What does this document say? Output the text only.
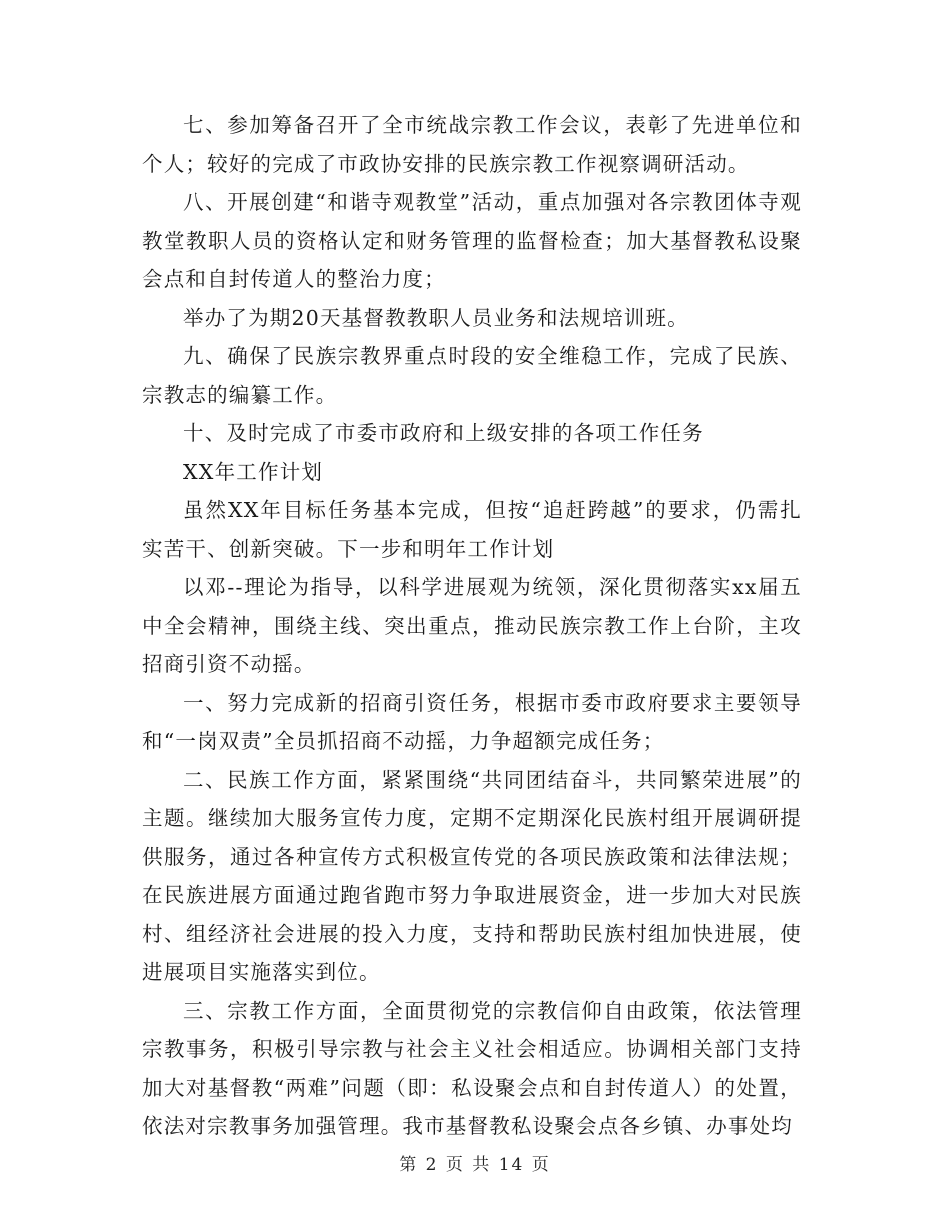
七、参加筹备召开了全市统战宗教工作会议，表彰了先进单位和个人；较好的完成了市政协安排的民族宗教工作视察调研活动。

八、开展创建“和谐寺观教堂”活动，重点加强对各宗教团体寺观教堂教职人员的资格认定和财务管理的监督检查；加大基督教私设聚会点和自封传道人的整治力度；

举办了为期20天基督教教职人员业务和法规培训班。

九、确保了民族宗教界重点时段的安全维稳工作，完成了民族、宗教志的编纂工作。

十、及时完成了市委市政府和上级安排的各项工作任务

XX年工作计划

虽然XX年目标任务基本完成，但按“追赶跨越”的要求，仍需扎实苦干、创新突破。下一步和明年工作计划

以邓--理论为指导，以科学进展观为统领，深化贯彻落实xx届五中全会精神，围绕主线、突出重点，推动民族宗教工作上台阶，主攻招商引资不动摇。

一、努力完成新的招商引资任务，根据市委市政府要求主要领导和“一岗双责”全员抓招商不动摇，力争超额完成任务；

二、民族工作方面，紧紧围绕“共同团结奋斗，共同繁荣进展”的主题。继续加大服务宣传力度，定期不定期深化民族村组开展调研提供服务，通过各种宣传方式积极宣传党的各项民族政策和法律法规；在民族进展方面通过跑省跑市努力争取进展资金，进一步加大对民族村、组经济社会进展的投入力度，支持和帮助民族村组加快进展，使进展项目实施落实到位。

三、宗教工作方面，全面贯彻党的宗教信仰自由政策，依法管理宗教事务，积极引导宗教与社会主义社会相适应。协调相关部门支持加大对基督教“两难”问题（即：私设聚会点和自封传道人）的处置，依法对宗教事务加强管理。我市基督教私设聚会点各乡镇、办事处均

第 2 页 共 14 页
